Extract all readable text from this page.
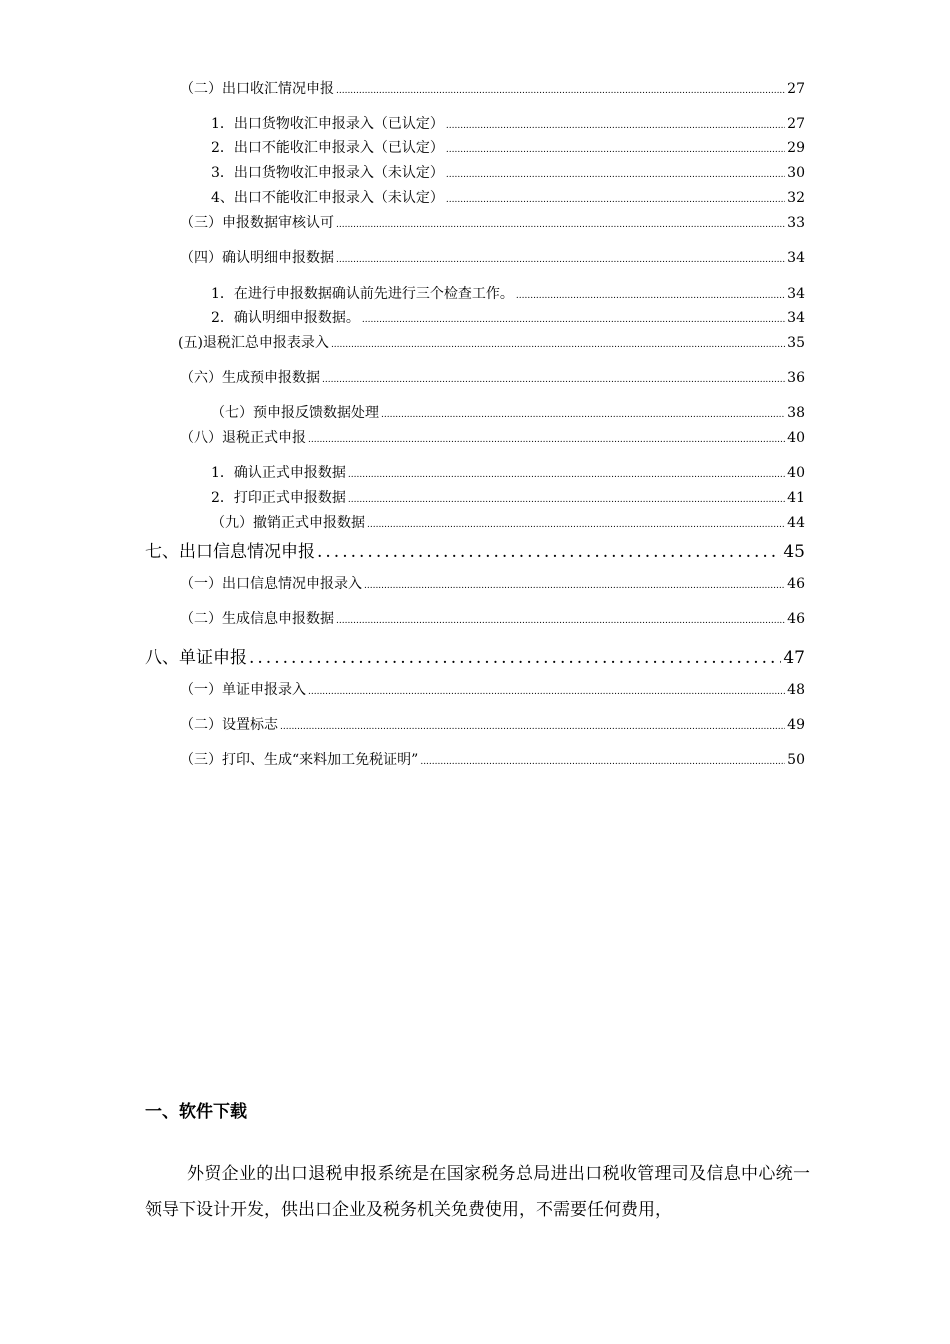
（二）出口收汇情况申报 .....	27
1．出口货物收汇申报录入（已认定） .....	27
2．出口不能收汇申报录入（已认定） .....	29
3．出口货物收汇申报录入（未认定） .....	30
4、出口不能收汇申报录入（未认定） .....	32
（三）申报数据审核认可 .....	33
（四）确认明细申报数据 .....	34
1．在进行申报数据确认前先进行三个检查工作。 .....	34
2．确认明细申报数据。 .....	34
(五)退税汇总申报表录入 .....	35
（六）生成预申报数据 .....	36
（七）预申报反馈数据处理 .....	38
（八）退税正式申报 .....	40
1．确认正式申报数据 .....	40
2．打印正式申报数据 .....	41
（九）撤销正式申报数据 .....	44
七、出口信息情况申报 .....	45
（一）出口信息情况申报录入 .....	46
（二）生成信息申报数据 .....	46
八、单证申报 .....	47
（一）单证申报录入 .....	48
（二）设置标志 .....	49
（三）打印、生成“来料加工免税证明” .....	50
一、软件下载
外贸企业的出口退税申报系统是在国家税务总局进出口税收管理司及信息中心统一领导下设计开发，供出口企业及税务机关免费使用，不需要任何费用，
